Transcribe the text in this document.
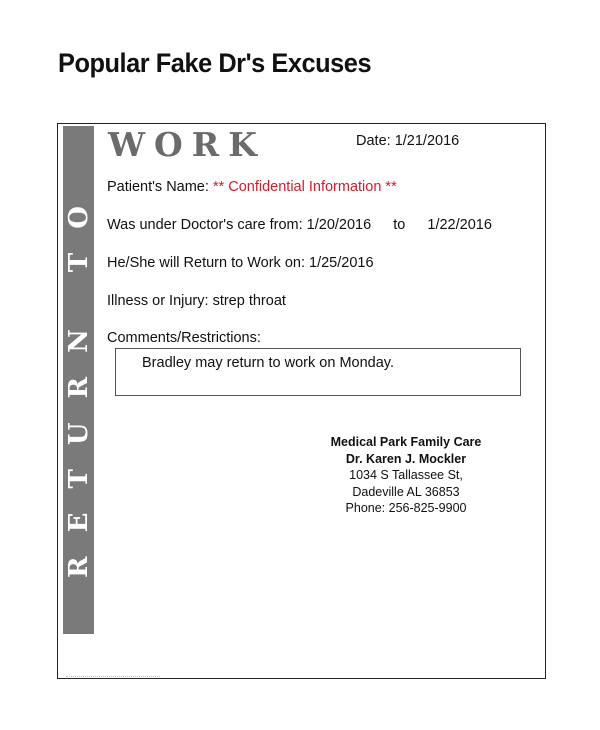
Popular Fake Dr's Excuses
RETURN TO
WORK	Date: 1/21/2016
Patient's Name: ** Confidential Information **
Was under Doctor's care from: 1/20/2016 to 1/22/2016
He/She will Return to Work on: 1/25/2016
Illness or Injury: strep throat
Comments/Restrictions:
Bradley may return to work on Monday.
Medical Park Family Care
Dr. Karen J. Mockler
1034 S Tallassee St,
Dadeville AL 36853
Phone: 256-825-9900
